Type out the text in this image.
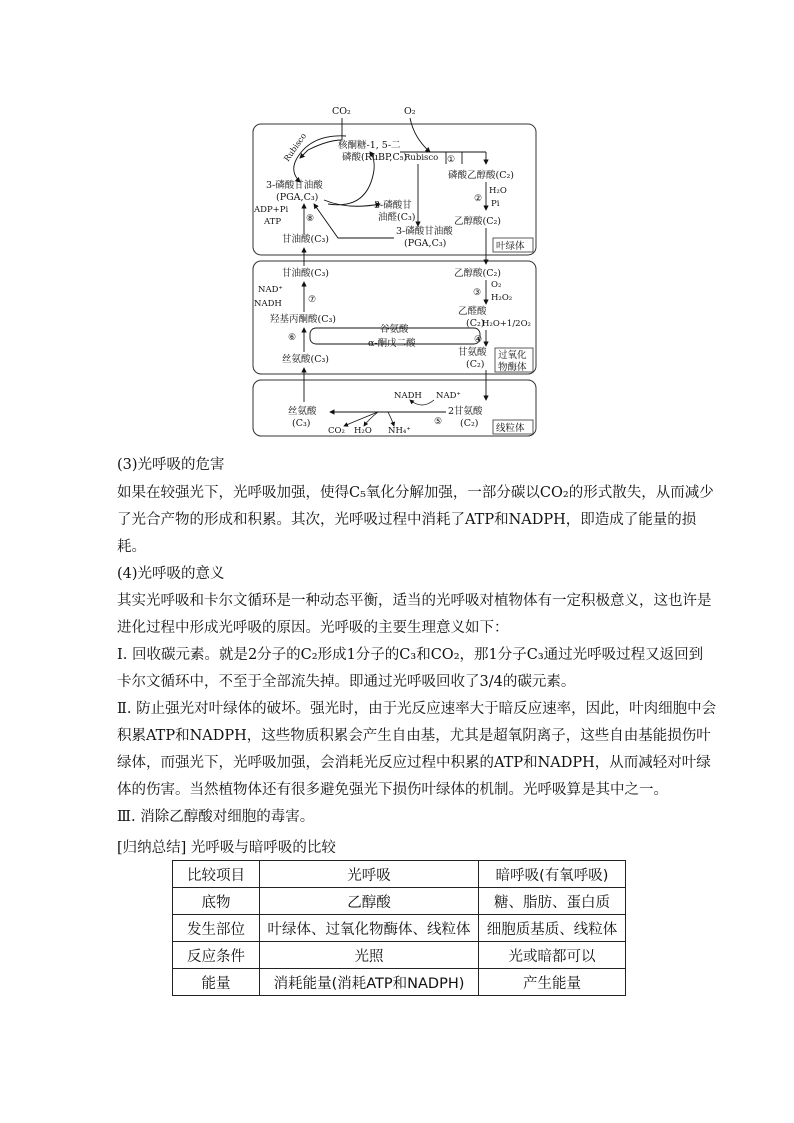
叶绿体
过氧化
物酶体
线粒体
CO₂	O₂
Rubisco	核酮糖-1, 5-二
磷酸(RuBP,C₅)
Rubisco ①
磷酸乙醇酸(C₂)
②
H₂O
Pi
乙醇酸(C₂)
3-磷酸甘油酸
(PGA,C₃)
ADP+Pi
ATP	⑧
3-磷酸甘
油醛(C₃)
3-磷酸甘油酸
(PGA,C₃)
甘油酸(C₃)
甘油酸(C₃)
NAD⁺
NADH	⑦
羟基丙酮酸(C₃)
⑥
谷氨酸
α-酮戊二酸
丝氨酸(C₃)
乙醇酸(C₂)
③
O₂
H₂O₂
乙醛酸
(C₂)
H₂O+1/2O₂
④
甘氨酸
(C₂)
NADH NAD⁺
2甘氨酸
(C₂)
⑤
丝氨酸
(C₃)
CO₂ H₂O NH₄⁺

(3)光呼吸的危害

如果在较强光下，光呼吸加强，使得C₅氧化分解加强，一部分碳以CO₂的形式散失，从而减少了光合产物的形成和积累。其次，光呼吸过程中消耗了ATP和NADPH，即造成了能量的损耗。

(4)光呼吸的意义

其实光呼吸和卡尔文循环是一种动态平衡，适当的光呼吸对植物体有一定积极意义，这也许是进化过程中形成光呼吸的原因。光呼吸的主要生理意义如下：

Ⅰ. 回收碳元素。就是2分子的C₂形成1分子的C₃和CO₂，那1分子C₃通过光呼吸过程又返回到卡尔文循环中，不至于全部流失掉。即通过光呼吸回收了3/4的碳元素。

Ⅱ. 防止强光对叶绿体的破坏。强光时，由于光反应速率大于暗反应速率，因此，叶肉细胞中会积累ATP和NADPH，这些物质积累会产生自由基，尤其是超氧阴离子，这些自由基能损伤叶绿体，而强光下，光呼吸加强，会消耗光反应过程中积累的ATP和NADPH，从而减轻对叶绿体的伤害。当然植物体还有很多避免强光下损伤叶绿体的机制。光呼吸算是其中之一。

Ⅲ. 消除乙醇酸对细胞的毒害。

[归纳总结] 光呼吸与暗呼吸的比较
比较项目	光呼吸	暗呼吸(有氧呼吸)
底物	乙醇酸	糖、脂肪、蛋白质
发生部位	叶绿体、过氧化物酶体、线粒体	细胞质基质、线粒体
反应条件	光照	光或暗都可以
能量	消耗能量(消耗ATP和NADPH)	产生能量
